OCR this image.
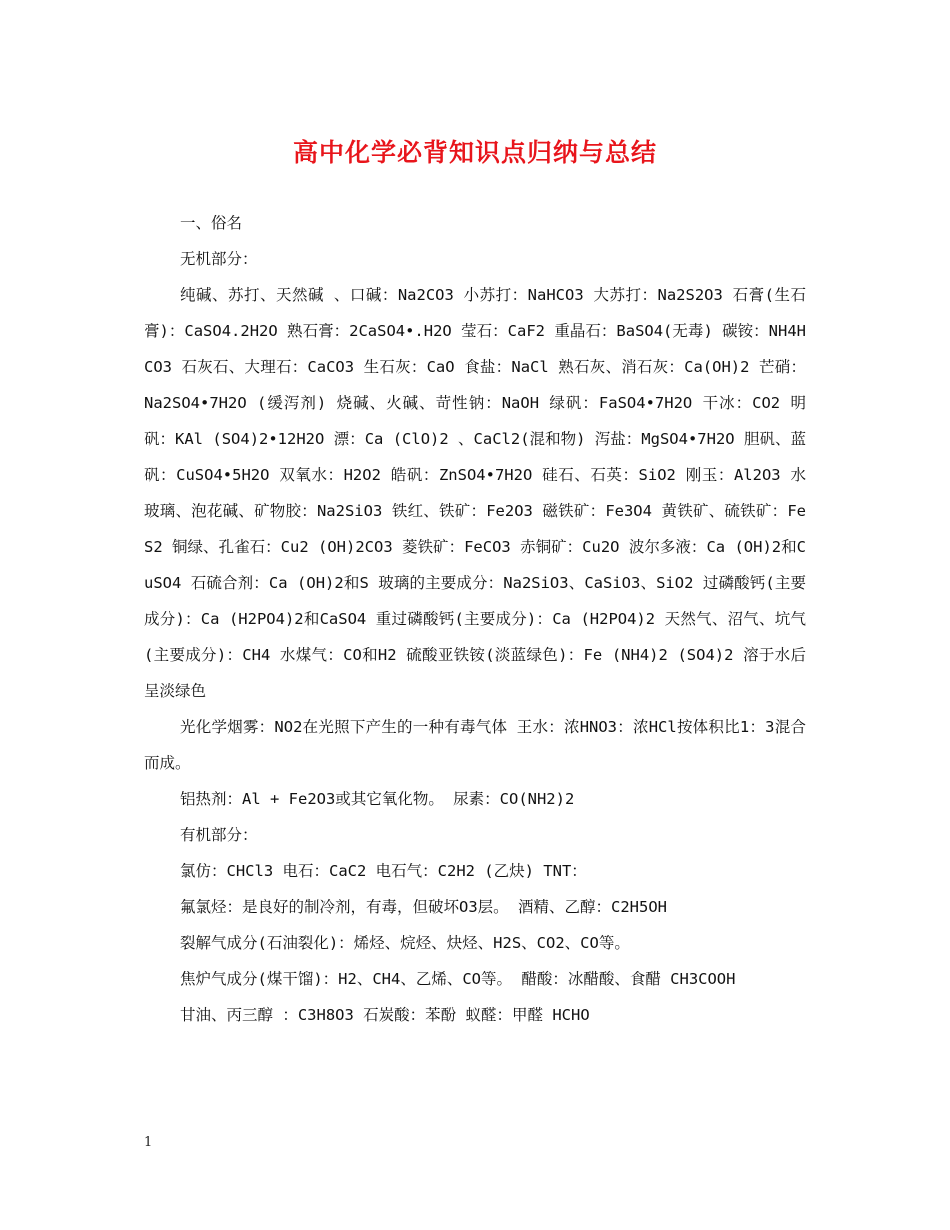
高中化学必背知识点归纳与总结

一、俗名

无机部分：

纯碱、苏打、天然碱 、口碱：Na2CO3 小苏打：NaHCO3 大苏打：Na2S2O3 石膏(生石膏)：CaSO4.2H2O 熟石膏：2CaSO4•.H2O 莹石：CaF2 重晶石：BaSO4(无毒) 碳铵：NH4HCO3 石灰石、大理石：CaCO3 生石灰：CaO 食盐：NaCl 熟石灰、消石灰：Ca(OH)2 芒硝：Na2SO4•7H2O (缓泻剂) 烧碱、火碱、苛性钠：NaOH 绿矾：FaSO4•7H2O 干冰：CO2 明矾：KAl (SO4)2•12H2O 漂：Ca (ClO)2 、CaCl2(混和物) 泻盐：MgSO4•7H2O 胆矾、蓝矾：CuSO4•5H2O 双氧水：H2O2 皓矾：ZnSO4•7H2O 硅石、石英：SiO2 刚玉：Al2O3 水玻璃、泡花碱、矿物胶：Na2SiO3 铁红、铁矿：Fe2O3 磁铁矿：Fe3O4 黄铁矿、硫铁矿：FeS2 铜绿、孔雀石：Cu2 (OH)2CO3 菱铁矿：FeCO3 赤铜矿：Cu2O 波尔多液：Ca (OH)2和CuSO4 石硫合剂：Ca (OH)2和S 玻璃的主要成分：Na2SiO3、CaSiO3、SiO2 过磷酸钙(主要成分)：Ca (H2PO4)2和CaSO4 重过磷酸钙(主要成分)：Ca (H2PO4)2 天然气、沼气、坑气(主要成分)：CH4 水煤气：CO和H2 硫酸亚铁铵(淡蓝绿色)：Fe (NH4)2 (SO4)2 溶于水后呈淡绿色

光化学烟雾：NO2在光照下产生的一种有毒气体 王水：浓HNO3：浓HCl按体积比1：3混合而成。

铝热剂：Al + Fe2O3或其它氧化物。 尿素：CO(NH2)2

有机部分：

氯仿：CHCl3 电石：CaC2 电石气：C2H2 (乙炔) TNT：

氟氯烃：是良好的制冷剂，有毒，但破坏O3层。 酒精、乙醇：C2H5OH

裂解气成分(石油裂化)：烯烃、烷烃、炔烃、H2S、CO2、CO等。

焦炉气成分(煤干馏)：H2、CH4、乙烯、CO等。 醋酸：冰醋酸、食醋 CH3COOH

甘油、丙三醇 ：C3H8O3 石炭酸：苯酚 蚁醛：甲醛 HCHO

1
